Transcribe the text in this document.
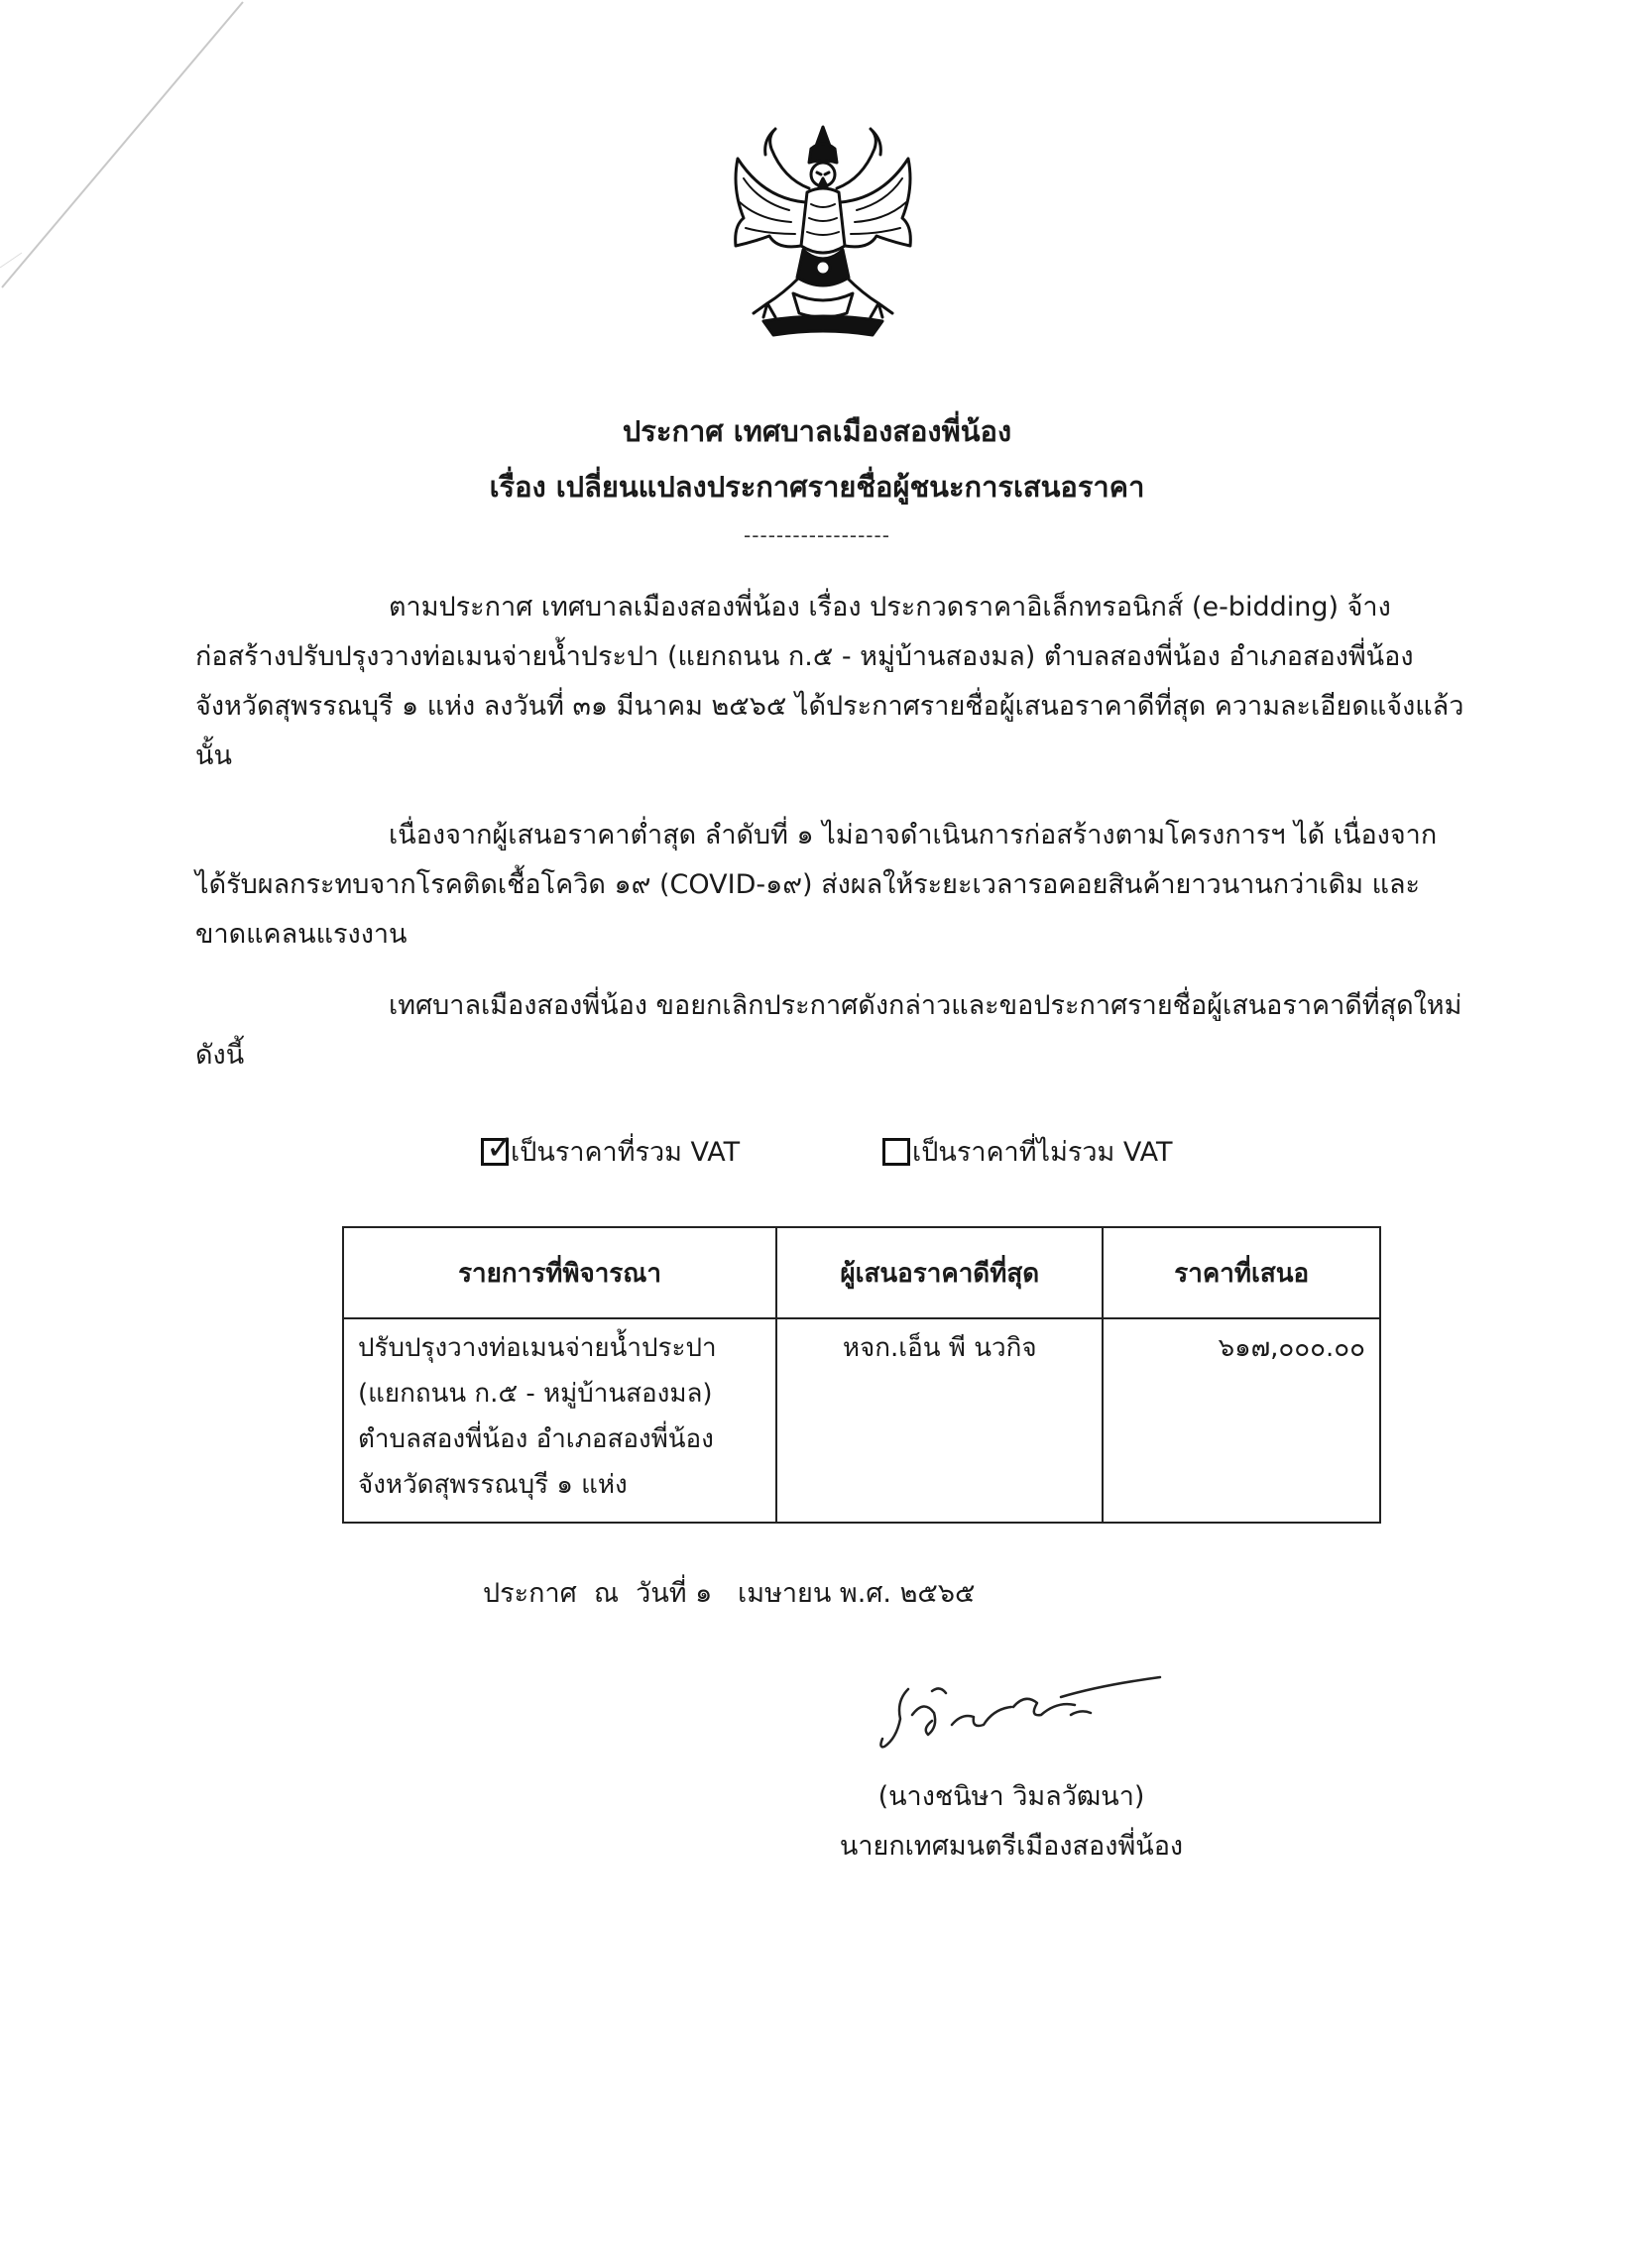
ประกาศ เทศบาลเมืองสองพี่น้อง
เรื่อง เปลี่ยนแปลงประกาศรายชื่อผู้ชนะการเสนอราคา
------------------

ตามประกาศ เทศบาลเมืองสองพี่น้อง เรื่อง ประกวดราคาอิเล็กทรอนิกส์ (e-bidding) จ้างก่อสร้างปรับปรุงวางท่อเมนจ่ายน้ำประปา (แยกถนน ก.๕ - หมู่บ้านสองมล) ตำบลสองพี่น้อง อำเภอสองพี่น้อง จังหวัดสุพรรณบุรี ๑ แห่ง ลงวันที่ ๓๑ มีนาคม ๒๕๖๕ ได้ประกาศรายชื่อผู้เสนอราคาดีที่สุด ความละเอียดแจ้งแล้วนั้น

เนื่องจากผู้เสนอราคาต่ำสุด ลำดับที่ ๑ ไม่อาจดำเนินการก่อสร้างตามโครงการฯ ได้ เนื่องจากได้รับผลกระทบจากโรคติดเชื้อโควิด ๑๙ (COVID-๑๙) ส่งผลให้ระยะเวลารอคอยสินค้ายาวนานกว่าเดิม และขาดแคลนแรงงาน

เทศบาลเมืองสองพี่น้อง ขอยกเลิกประกาศดังกล่าวและขอประกาศรายชื่อผู้เสนอราคาดีที่สุดใหม่ ดังนี้

✓
เป็นราคาที่รวม VAT	เป็นราคาที่ไม่รวม VAT
รายการที่พิจารณา	ผู้เสนอราคาดีที่สุด	ราคาที่เสนอ

ปรับปรุงวางท่อเมนจ่ายน้ำประปา
(แยกถนน ก.๕ - หมู่บ้านสองมล)
ตำบลสองพี่น้อง อำเภอสองพี่น้อง
จังหวัดสุพรรณบุรี ๑ แห่ง	หจก.เอ็น พี นวกิจ	๖๑๗,๐๐๐.๐๐
ประกาศ  ณ  วันที่ ๑   เมษายน พ.ศ. ๒๕๖๕
(นางชนิษา วิมลวัฒนา)
นายกเทศมนตรีเมืองสองพี่น้อง
